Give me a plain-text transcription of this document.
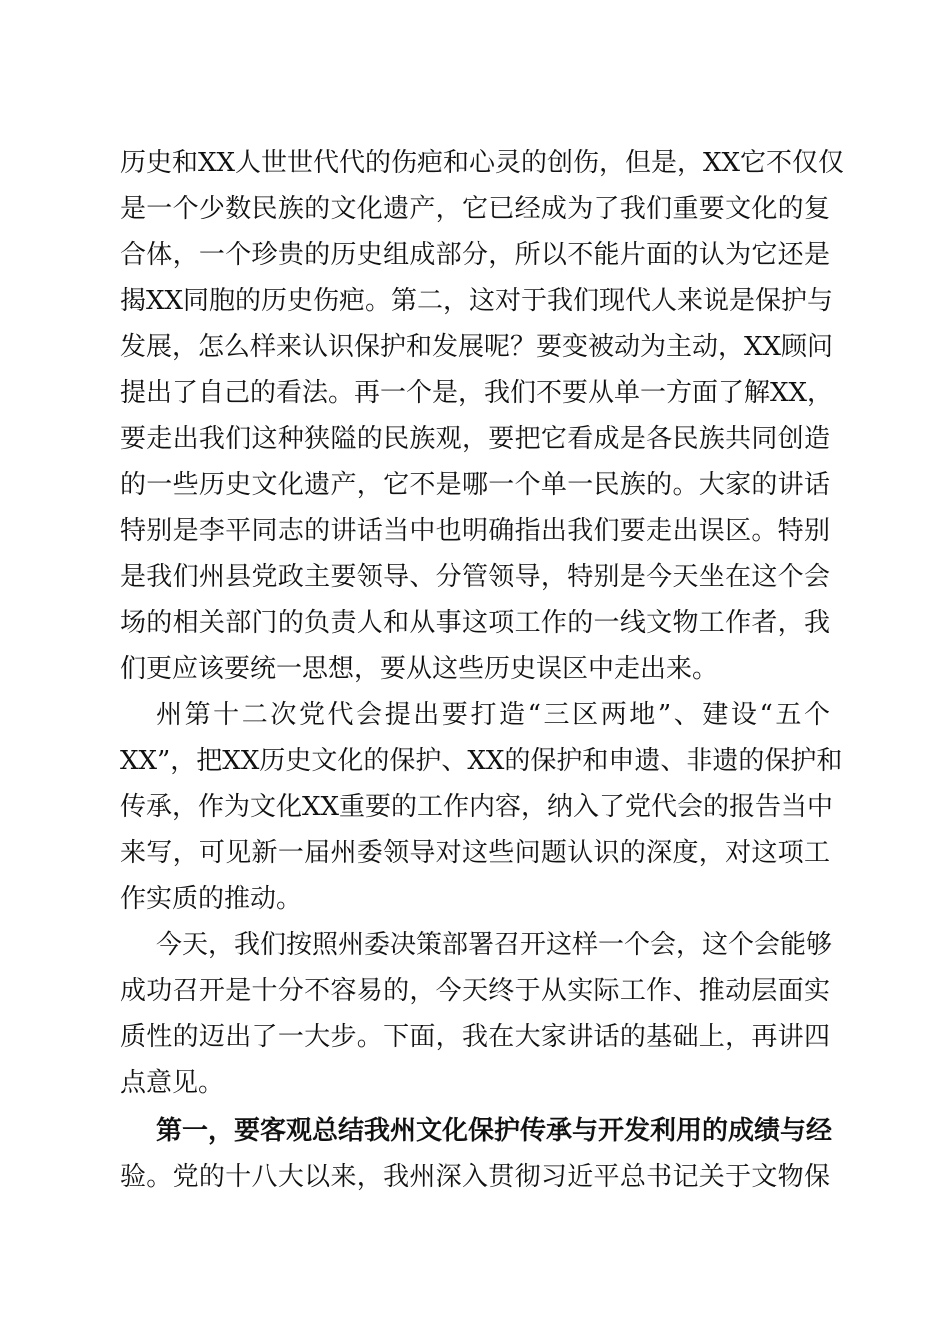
历史和XX人世世代代的伤疤和心灵的创伤，但是，XX它不仅仅
是一个少数民族的文化遗产，它已经成为了我们重要文化的复
合体，一个珍贵的历史组成部分，所以不能片面的认为它还是
揭XX同胞的历史伤疤。第二，这对于我们现代人来说是保护与
发展，怎么样来认识保护和发展呢？要变被动为主动，XX顾问
提出了自己的看法。再一个是，我们不要从单一方面了解XX，
要走出我们这种狭隘的民族观，要把它看成是各民族共同创造
的一些历史文化遗产，它不是哪一个单一民族的。大家的讲话
特别是李平同志的讲话当中也明确指出我们要走出误区。特别
是我们州县党政主要领导、分管领导，特别是今天坐在这个会
场的相关部门的负责人和从事这项工作的一线文物工作者，我
们更应该要统一思想，要从这些历史误区中走出来。
州第十二次党代会提出要打造“三区两地”、建设“五个
XX”，把XX历史文化的保护、XX的保护和申遗、非遗的保护和
传承，作为文化XX重要的工作内容，纳入了党代会的报告当中
来写，可见新一届州委领导对这些问题认识的深度，对这项工
作实质的推动。
今天，我们按照州委决策部署召开这样一个会，这个会能够
成功召开是十分不容易的，今天终于从实际工作、推动层面实
质性的迈出了一大步。下面，我在大家讲话的基础上，再讲四
点意见。
第一，要客观总结我州文化保护传承与开发利用的成绩与经
验。党的十八大以来，我州深入贯彻习近平总书记关于文物保
